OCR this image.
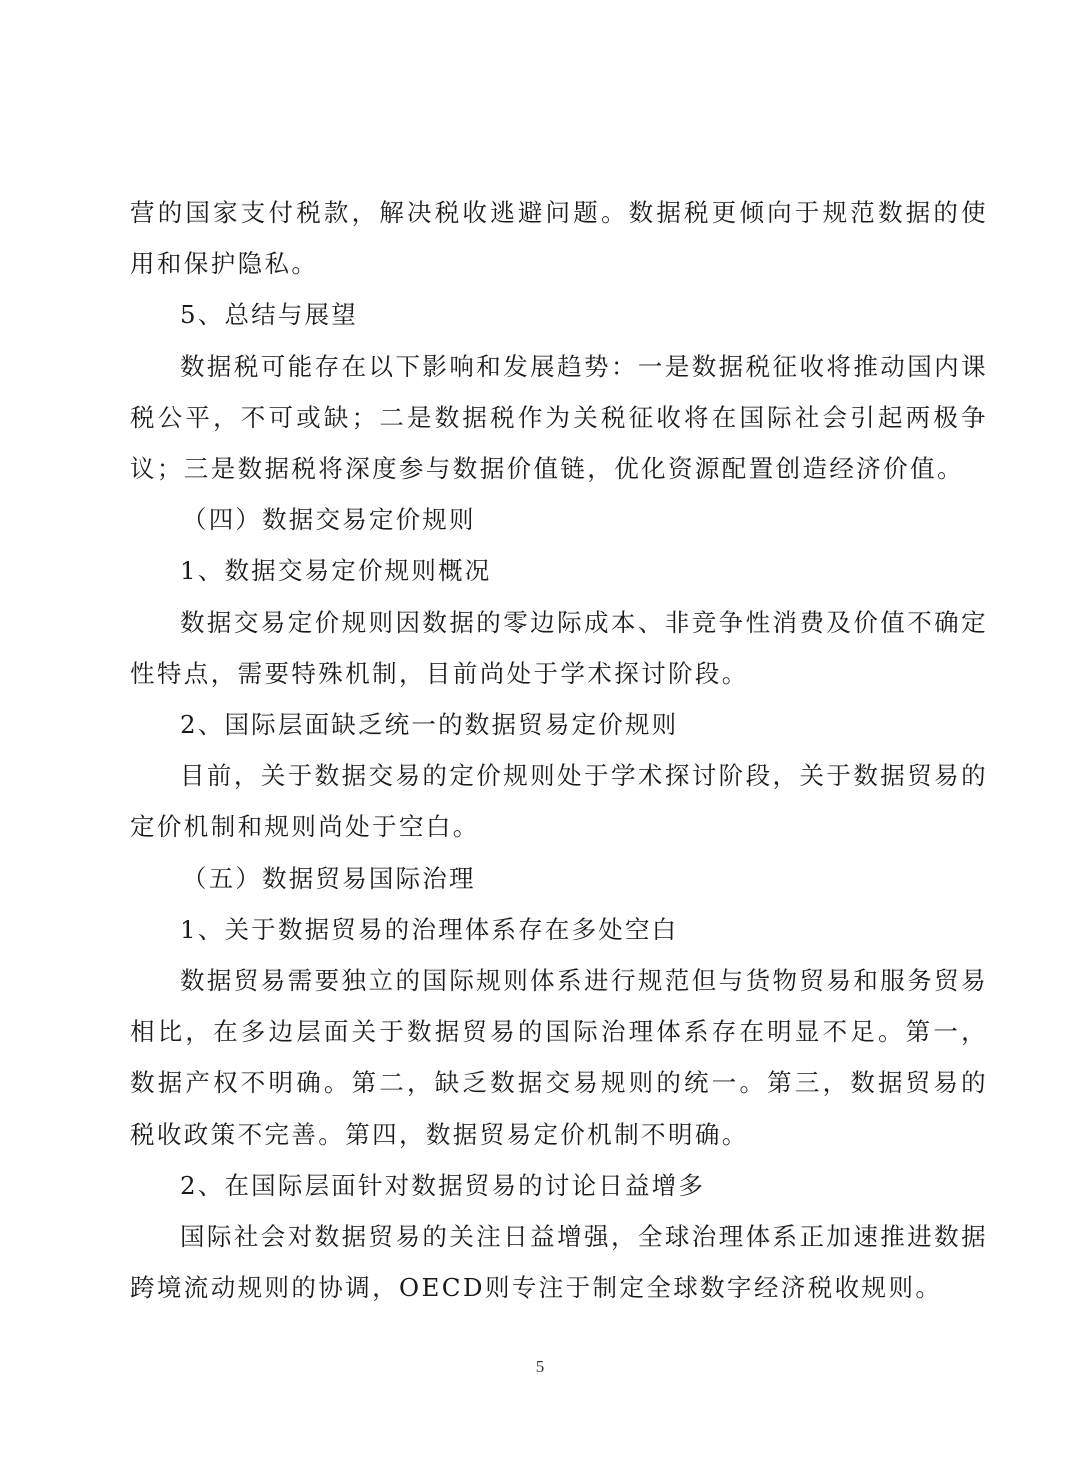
营的国家支付税款，解决税收逃避问题。数据税更倾向于规范数据的使用和保护隐私。

5、总结与展望

数据税可能存在以下影响和发展趋势：一是数据税征收将推动国内课税公平，不可或缺；二是数据税作为关税征收将在国际社会引起两极争议；三是数据税将深度参与数据价值链，优化资源配置创造经济价值。

（四）数据交易定价规则

1、数据交易定价规则概况

数据交易定价规则因数据的零边际成本、非竞争性消费及价值不确定性特点，需要特殊机制，目前尚处于学术探讨阶段。

2、国际层面缺乏统一的数据贸易定价规则

目前，关于数据交易的定价规则处于学术探讨阶段，关于数据贸易的定价机制和规则尚处于空白。

（五）数据贸易国际治理

1、关于数据贸易的治理体系存在多处空白

数据贸易需要独立的国际规则体系进行规范但与货物贸易和服务贸易相比，在多边层面关于数据贸易的国际治理体系存在明显不足。第一，数据产权不明确。第二，缺乏数据交易规则的统一。第三，数据贸易的税收政策不完善。第四，数据贸易定价机制不明确。

2、在国际层面针对数据贸易的讨论日益增多

国际社会对数据贸易的关注日益增强，全球治理体系正加速推进数据跨境流动规则的协调，OECD则专注于制定全球数字经济税收规则。

5
